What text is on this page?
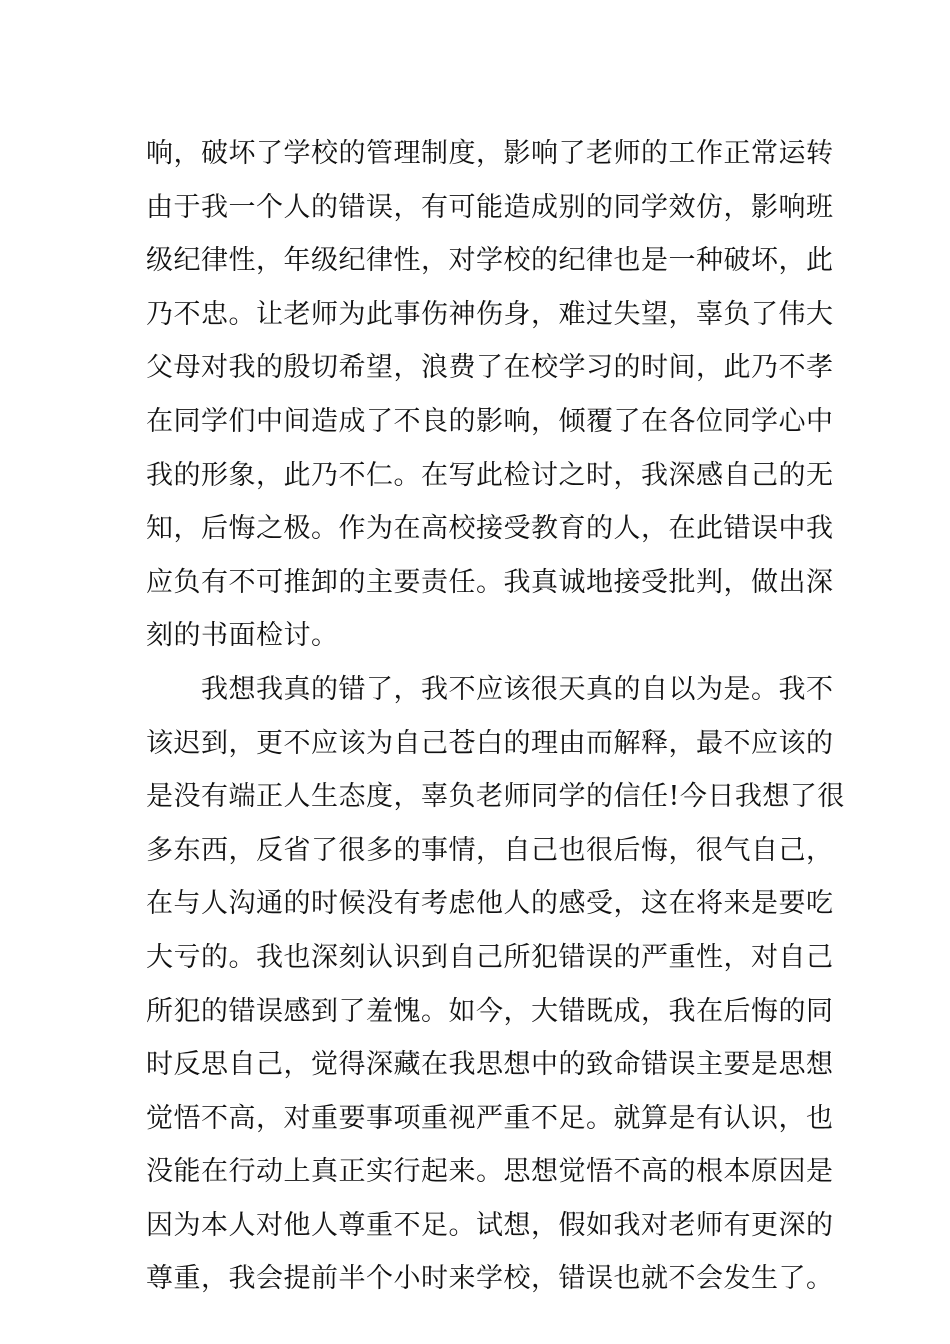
响，破坏了学校的管理制度，影响了老师的工作正常运转
由于我一个人的错误，有可能造成别的同学效仿，影响班
级纪律性，年级纪律性，对学校的纪律也是一种破坏，此
乃不忠。让老师为此事伤神伤身，难过失望，辜负了伟大
父母对我的殷切希望，浪费了在校学习的时间，此乃不孝
在同学们中间造成了不良的影响，倾覆了在各位同学心中
我的形象，此乃不仁。在写此检讨之时，我深感自己的无
知，后悔之极。作为在高校接受教育的人，在此错误中我
应负有不可推卸的主要责任。我真诚地接受批判，做出深
刻的书面检讨。
我想我真的错了，我不应该很天真的自以为是。我不
该迟到，更不应该为自己苍白的理由而解释，最不应该的
是没有端正人生态度，辜负老师同学的信任!今日我想了很
多东西，反省了很多的事情，自己也很后悔，很气自己，
在与人沟通的时候没有考虑他人的感受，这在将来是要吃
大亏的。我也深刻认识到自己所犯错误的严重性，对自己
所犯的错误感到了羞愧。如今，大错既成，我在后悔的同
时反思自己，觉得深藏在我思想中的致命错误主要是思想
觉悟不高，对重要事项重视严重不足。就算是有认识，也
没能在行动上真正实行起来。思想觉悟不高的根本原因是
因为本人对他人尊重不足。试想，假如我对老师有更深的
尊重，我会提前半个小时来学校，错误也就不会发生了。
